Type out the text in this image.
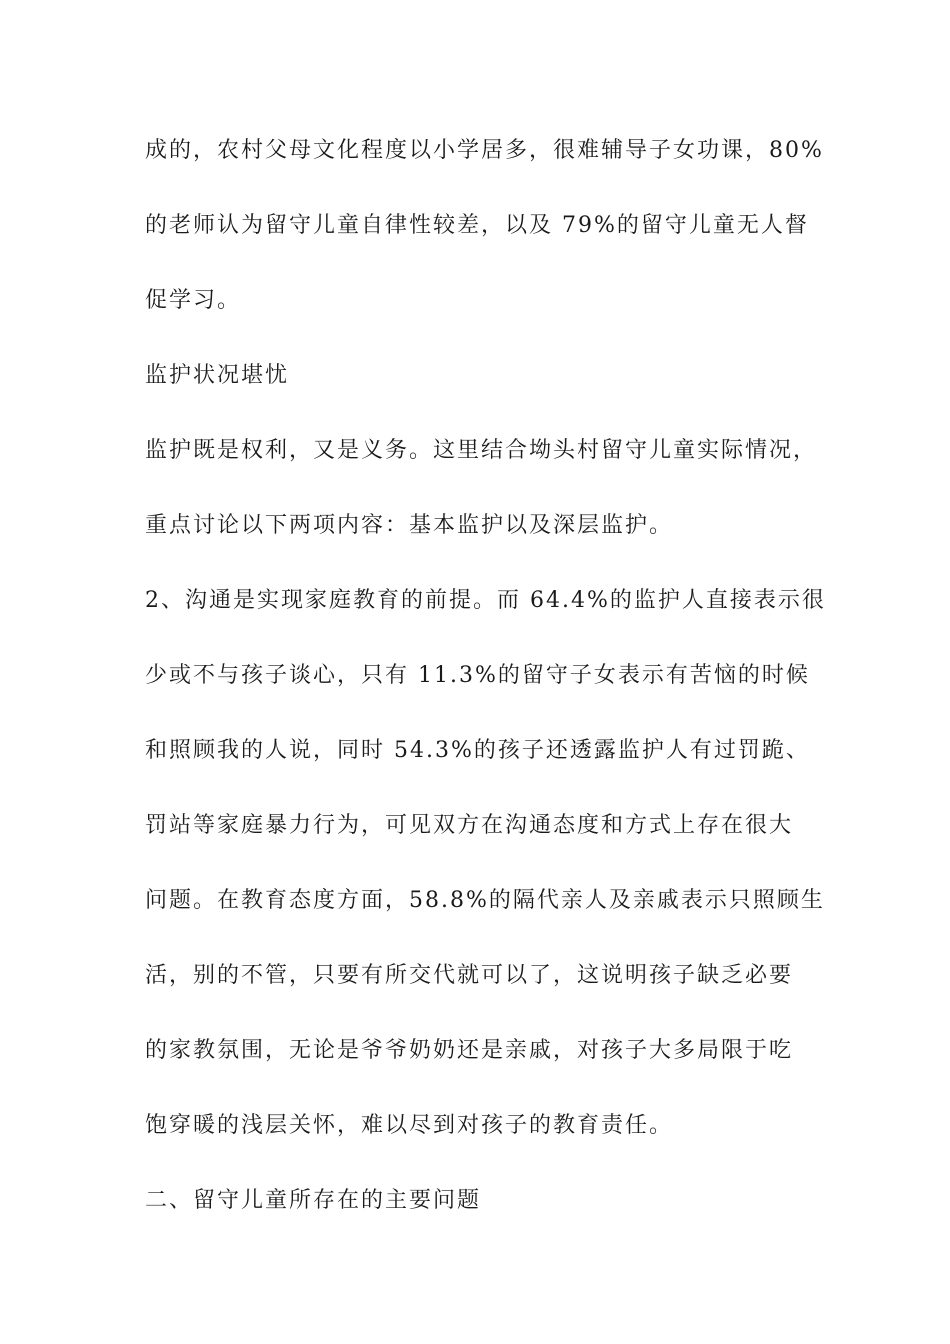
成的，农村父母文化程度以小学居多，很难辅导子女功课，80%

的老师认为留守儿童自律性较差，以及 79%的留守儿童无人督

促学习。

监护状况堪忧

监护既是权利，又是义务。这里结合坳头村留守儿童实际情况，

重点讨论以下两项内容：基本监护以及深层监护。

2、沟通是实现家庭教育的前提。而 64.4%的监护人直接表示很

少或不与孩子谈心，只有 11.3%的留守子女表示有苦恼的时候

和照顾我的人说，同时 54.3%的孩子还透露监护人有过罚跪、

罚站等家庭暴力行为，可见双方在沟通态度和方式上存在很大

问题。在教育态度方面，58.8%的隔代亲人及亲戚表示只照顾生

活，别的不管，只要有所交代就可以了，这说明孩子缺乏必要

的家教氛围，无论是爷爷奶奶还是亲戚，对孩子大多局限于吃

饱穿暖的浅层关怀，难以尽到对孩子的教育责任。

二、留守儿童所存在的主要问题
